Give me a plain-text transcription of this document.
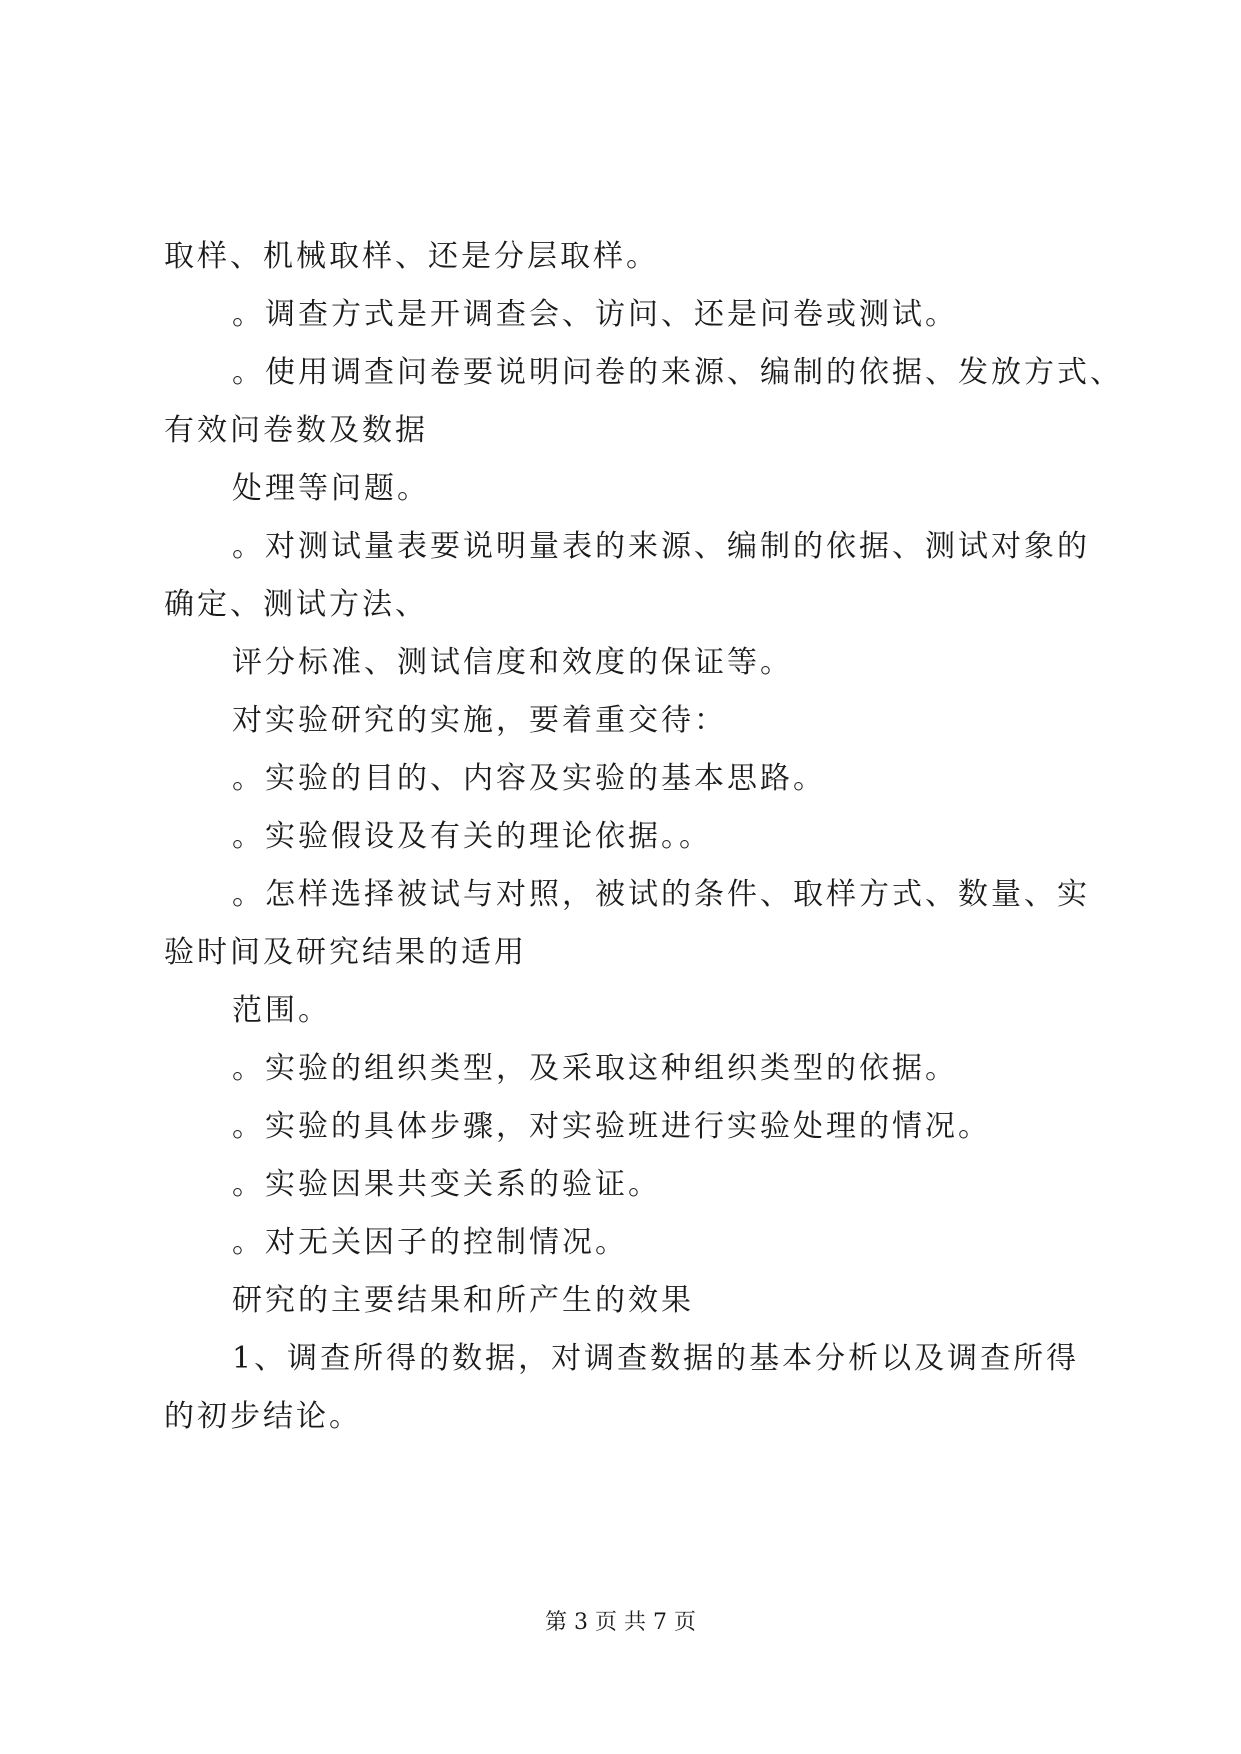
取样、机械取样、还是分层取样。
。调查方式是开调查会、访问、还是问卷或测试。
。使用调查问卷要说明问卷的来源、编制的依据、发放方式、
有效问卷数及数据
处理等问题。
。对测试量表要说明量表的来源、编制的依据、测试对象的
确定、测试方法、
评分标准、测试信度和效度的保证等。
对实验研究的实施，要着重交待：
。实验的目的、内容及实验的基本思路。
。实验假设及有关的理论依据。。
。怎样选择被试与对照，被试的条件、取样方式、数量、实
验时间及研究结果的适用
范围。
。实验的组织类型，及采取这种组织类型的依据。
。实验的具体步骤，对实验班进行实验处理的情况。
。实验因果共变关系的验证。
。对无关因子的控制情况。
研究的主要结果和所产生的效果
1、调查所得的数据，对调查数据的基本分析以及调查所得
的初步结论。
第 3 页 共 7 页
